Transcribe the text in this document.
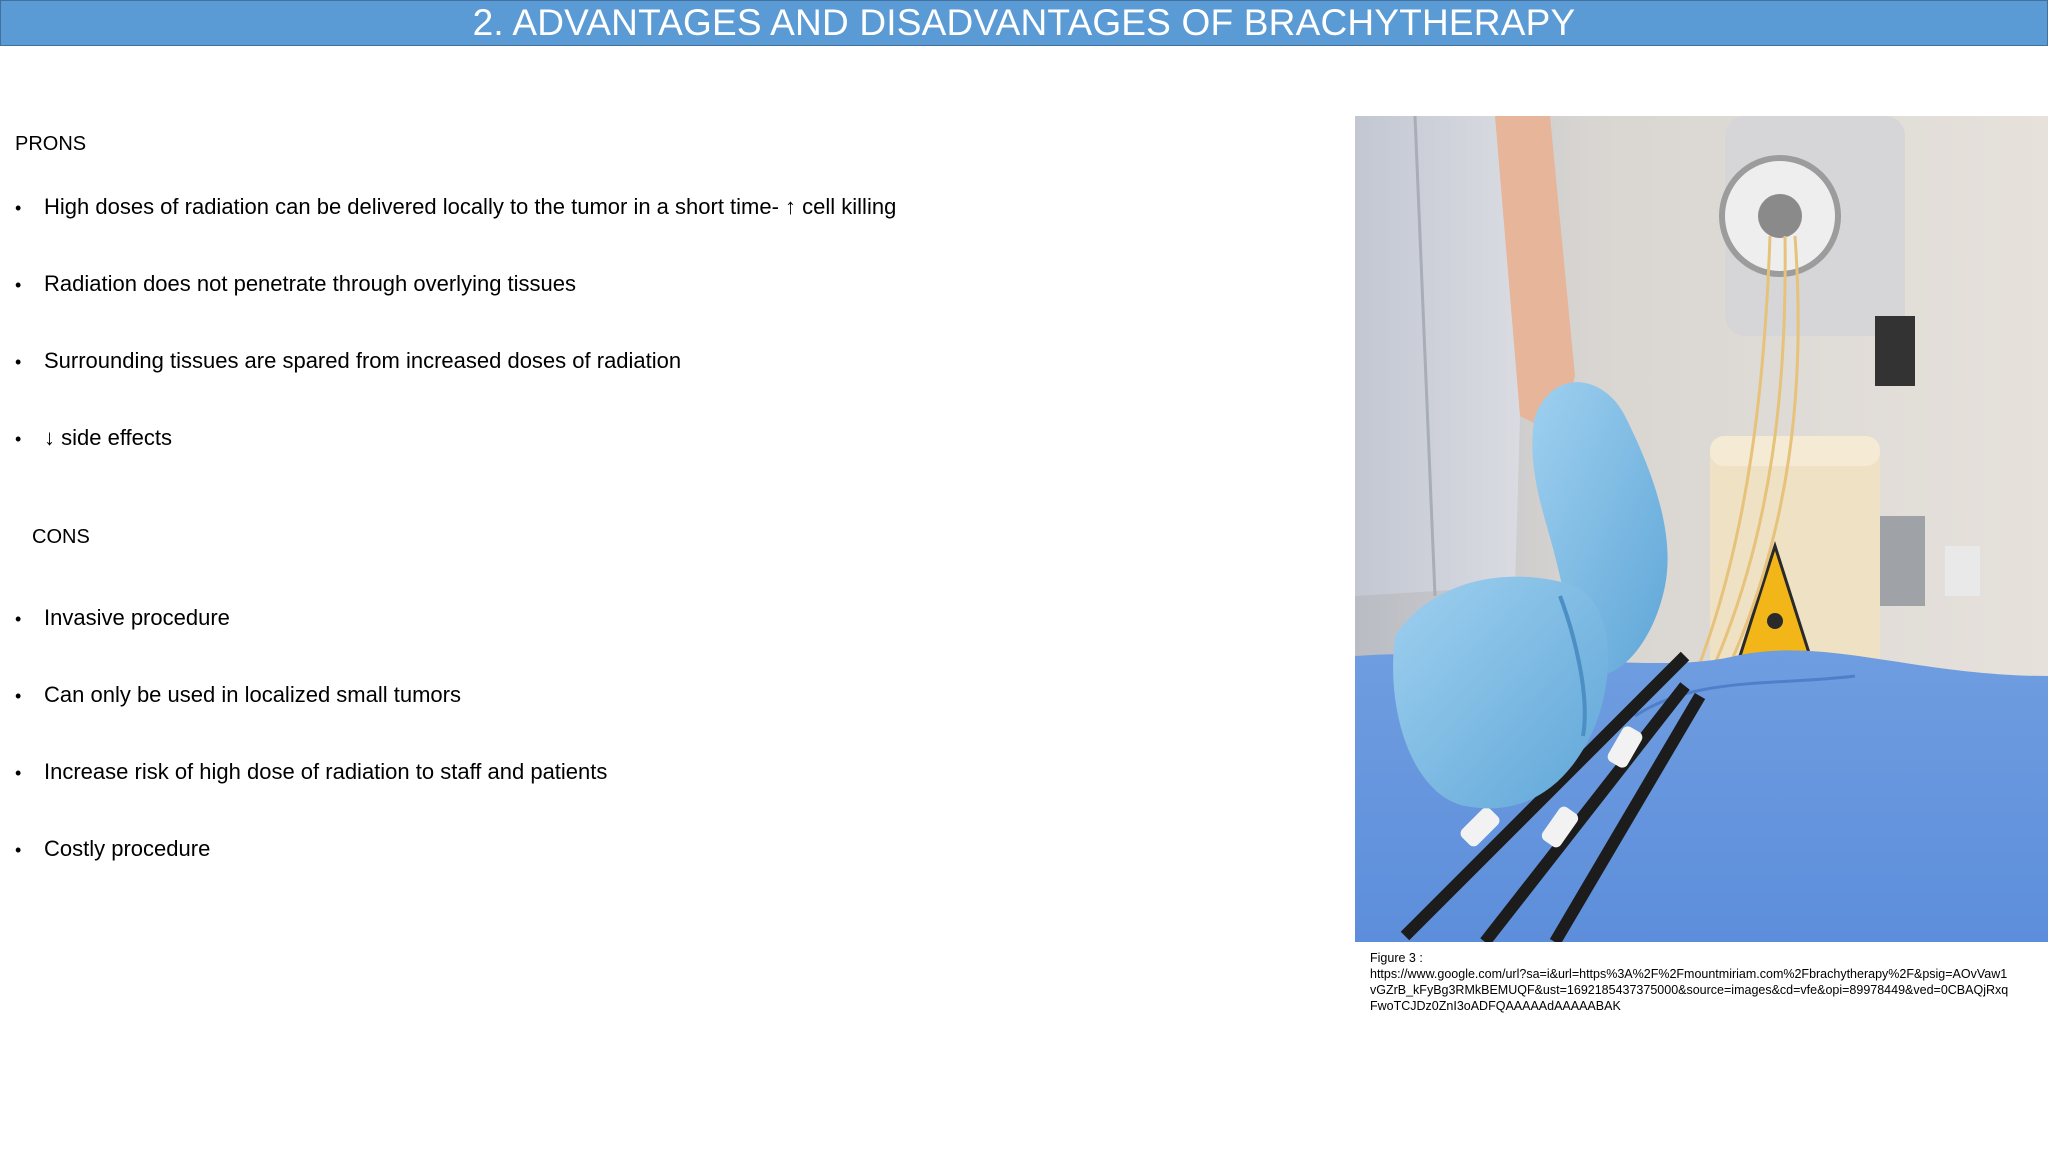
2. ADVANTAGES AND DISADVANTAGES OF BRACHYTHERAPY
PRONS
•	High doses of radiation can be delivered locally to the tumor in a short time- ↑ cell killing
•	Radiation does not penetrate through overlying tissues
•	Surrounding tissues are spared from increased doses of radiation
•	↓ side effects
CONS
•	Invasive procedure
•	Can only be used in localized small tumors
•	Increase risk of high dose of radiation to staff and patients
•	Costly procedure
Figure 3 :
https://www.google.com/url?sa=i&url=https%3A%2F%2Fmountmiriam.com%2Fbrachytherapy%2F&psig=AOvVaw1
vGZrB_kFyBg3RMkBEMUQF&ust=1692185437375000&source=images&cd=vfe&opi=89978449&ved=0CBAQjRxq
FwoTCJDz0ZnI3oADFQAAAAAdAAAAABAK
